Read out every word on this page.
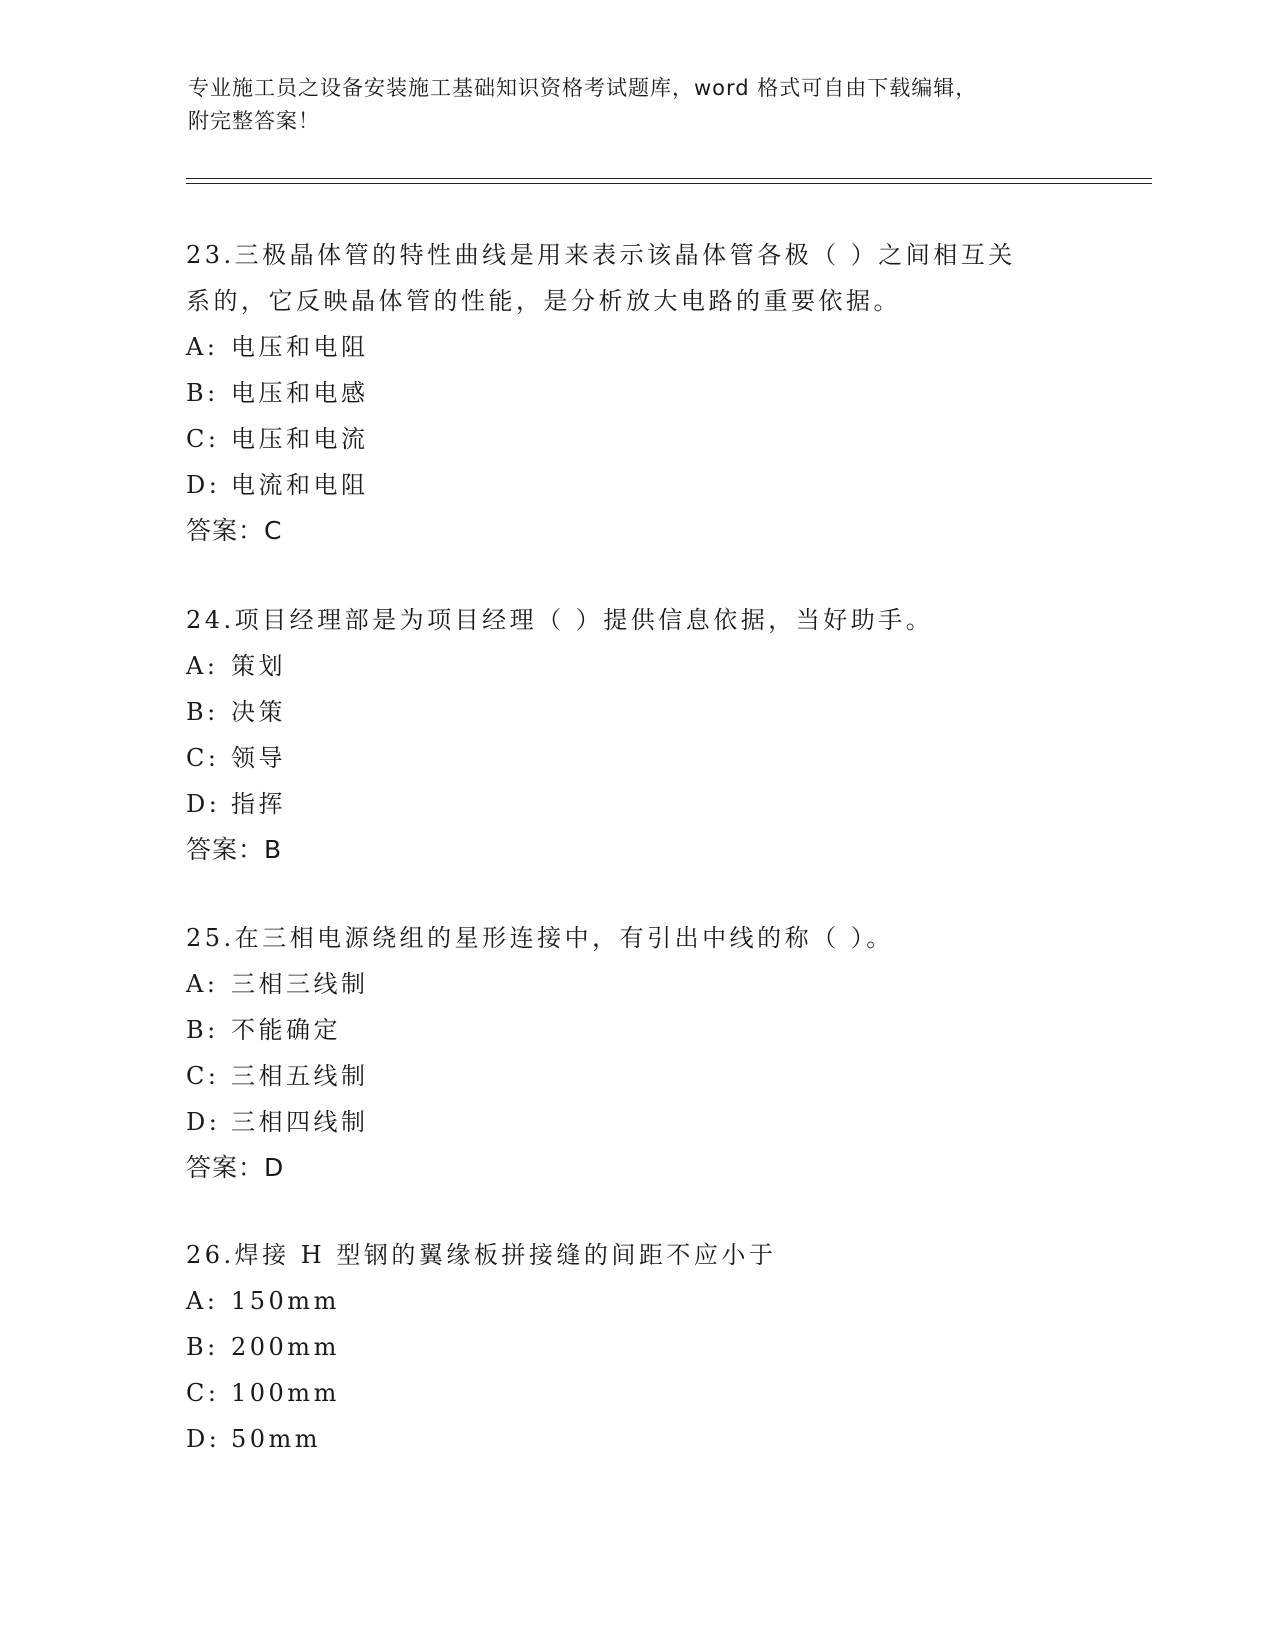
专业施工员之设备安装施工基础知识资格考试题库，word 格式可自由下载编辑，
附完整答案！

23.三极晶体管的特性曲线是用来表示该晶体管各极（ ）之间相互关

系的，它反映晶体管的性能，是分析放大电路的重要依据。

A: 电压和电阻

B: 电压和电感

C: 电压和电流

D: 电流和电阻

答案：C

24.项目经理部是为项目经理（ ）提供信息依据，当好助手。

A: 策划

B: 决策

C: 领导

D: 指挥

答案：B

25.在三相电源绕组的星形连接中，有引出中线的称（ ）。

A: 三相三线制

B: 不能确定

C: 三相五线制

D: 三相四线制

答案：D

26.焊接 H 型钢的翼缘板拼接缝的间距不应小于

A: 150mm

B: 200mm

C: 100mm

D: 50mm
